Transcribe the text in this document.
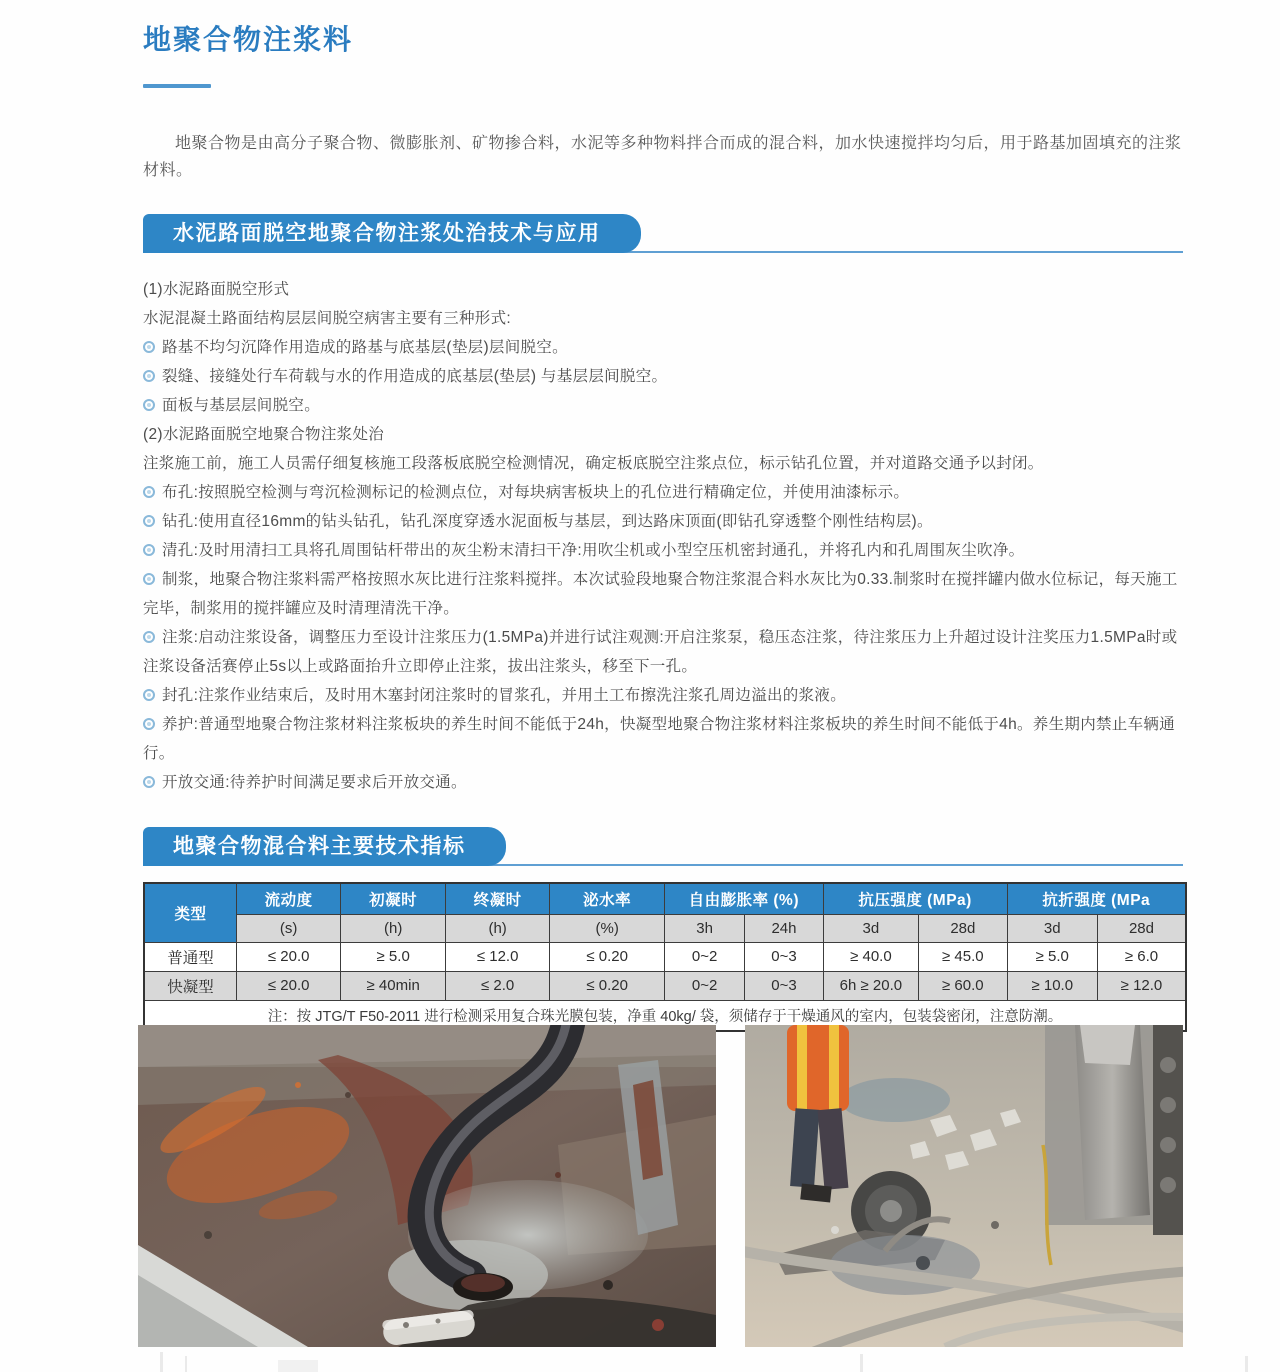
地聚合物注浆料
地聚合物是由高分子聚合物、微膨胀剂、矿物掺合料，水泥等多种物料拌合而成的混合料，加水快速搅拌均匀后，用于路基加固填充的注浆材料。
水泥路面脱空地聚合物注浆处治技术与应用

(1)水泥路面脱空形式

水泥混凝土路面结构层层间脱空病害主要有三种形式:

路基不均匀沉降作用造成的路基与底基层(垫层)层间脱空。

裂缝、接缝处行车荷载与水的作用造成的底基层(垫层) 与基层层间脱空。

面板与基层层间脱空。

(2)水泥路面脱空地聚合物注浆处治

注浆施工前，施工人员需仔细复核施工段落板底脱空检测情况，确定板底脱空注浆点位，标示钻孔位置，并对道路交通予以封闭。

布孔:按照脱空检测与弯沉检测标记的检测点位，对每块病害板块上的孔位进行精确定位，并使用油漆标示。

钻孔:使用直径16mm的钻头钻孔，钻孔深度穿透水泥面板与基层，到达路床顶面(即钻孔穿透整个刚性结构层)。

清孔:及时用清扫工具将孔周围钻杆带出的灰尘粉末清扫干净:用吹尘机或小型空压机密封通孔，并将孔内和孔周围灰尘吹净。

制浆，地聚合物注浆料需严格按照水灰比进行注浆料搅拌。本次试验段地聚合物注浆混合料水灰比为0.33.制浆时在搅拌罐内做水位标记，每天施工完毕，制浆用的搅拌罐应及时清理清洗干净。

注浆:启动注浆设备，调整压力至设计注浆压力(1.5MPa)并进行试注观测:开启注浆泵，稳压态注浆，待注浆压力上升超过设计注奖压力1.5MPa时或注浆设备活赛停止5s以上或路面抬升立即停止注浆，拔出注浆头，移至下一孔。

封孔:注浆作业结束后，及时用木塞封闭注浆时的冒浆孔，并用土工布擦洗注浆孔周边溢出的浆液。

养护:普通型地聚合物注浆材料注浆板块的养生时间不能低于24h，快凝型地聚合物注浆材料注浆板块的养生时间不能低于4h。养生期内禁止车辆通行。

开放交通:待养护时间满足要求后开放交通。

地聚合物混合料主要技术指标
类型	流动度	初凝时	终凝时	泌水率	自由膨胀率 (%)		抗压强度 (MPa)		抗折强度 (MPa	
	(s)	(h)	(h)	(%)	3h	24h	3d	28d	3d	28d
普通型	≤ 20.0	≥ 5.0	≤ 12.0	≤ 0.20	0~2	0~3	≥ 40.0	≥ 45.0	≥ 5.0	≥ 6.0
快凝型	≤ 20.0	≥ 40min	≤ 2.0	≤ 0.20	0~2	0~3	6h ≥ 20.0	≥ 60.0	≥ 10.0	≥ 12.0
注：按 JTG/T F50-2011 进行检测采用复合珠光膜包装，净重 40kg/ 袋，须储存于干燥通风的室内，包装袋密闭，注意防潮。										
